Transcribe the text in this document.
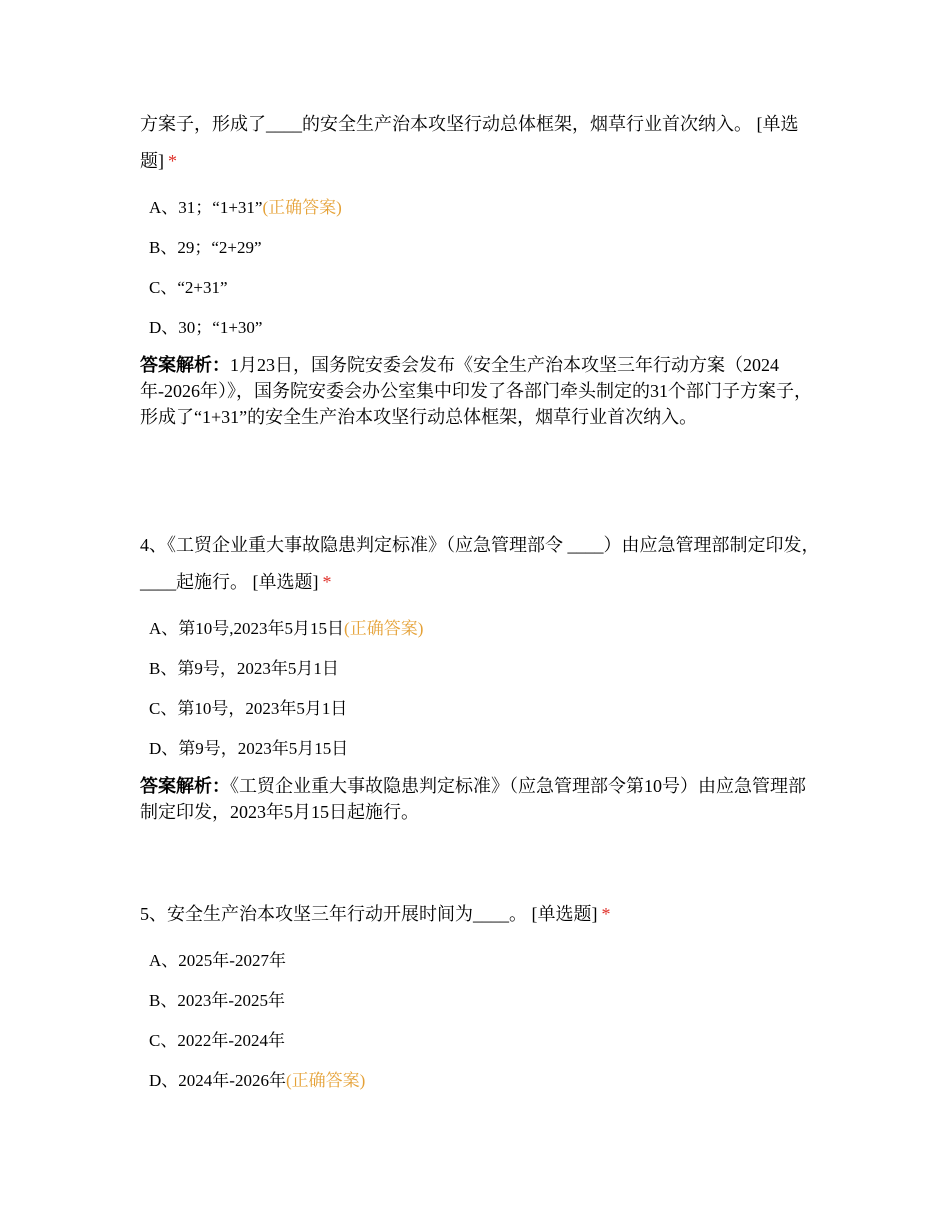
方案子，形成了____的安全生产治本攻坚行动总体框架，烟草行业首次纳入。 [单选题] *

A、31；“1+31”(正确答案)
B、29；“2+29”
C、“2+31”
D、30；“1+30”

答案解析：1月23日，国务院安委会发布《安全生产治本攻坚三年行动方案（2024年-2026年）》，国务院安委会办公室集中印发了各部门牵头制定的31个部门子方案子，形成了“1+31”的安全生产治本攻坚行动总体框架，烟草行业首次纳入。

4、《工贸企业重大事故隐患判定标准》（应急管理部令 ____）由应急管理部制定印发，____起施行。 [单选题] *

A、第10号,2023年5月15日(正确答案)
B、第9号，2023年5月1日
C、第10号，2023年5月1日
D、第9号，2023年5月15日

答案解析：《工贸企业重大事故隐患判定标准》（应急管理部令第10号）由应急管理部制定印发，2023年5月15日起施行。

5、安全生产治本攻坚三年行动开展时间为____。 [单选题] *

A、2025年-2027年
B、2023年-2025年
C、2022年-2024年
D、2024年-2026年(正确答案)
